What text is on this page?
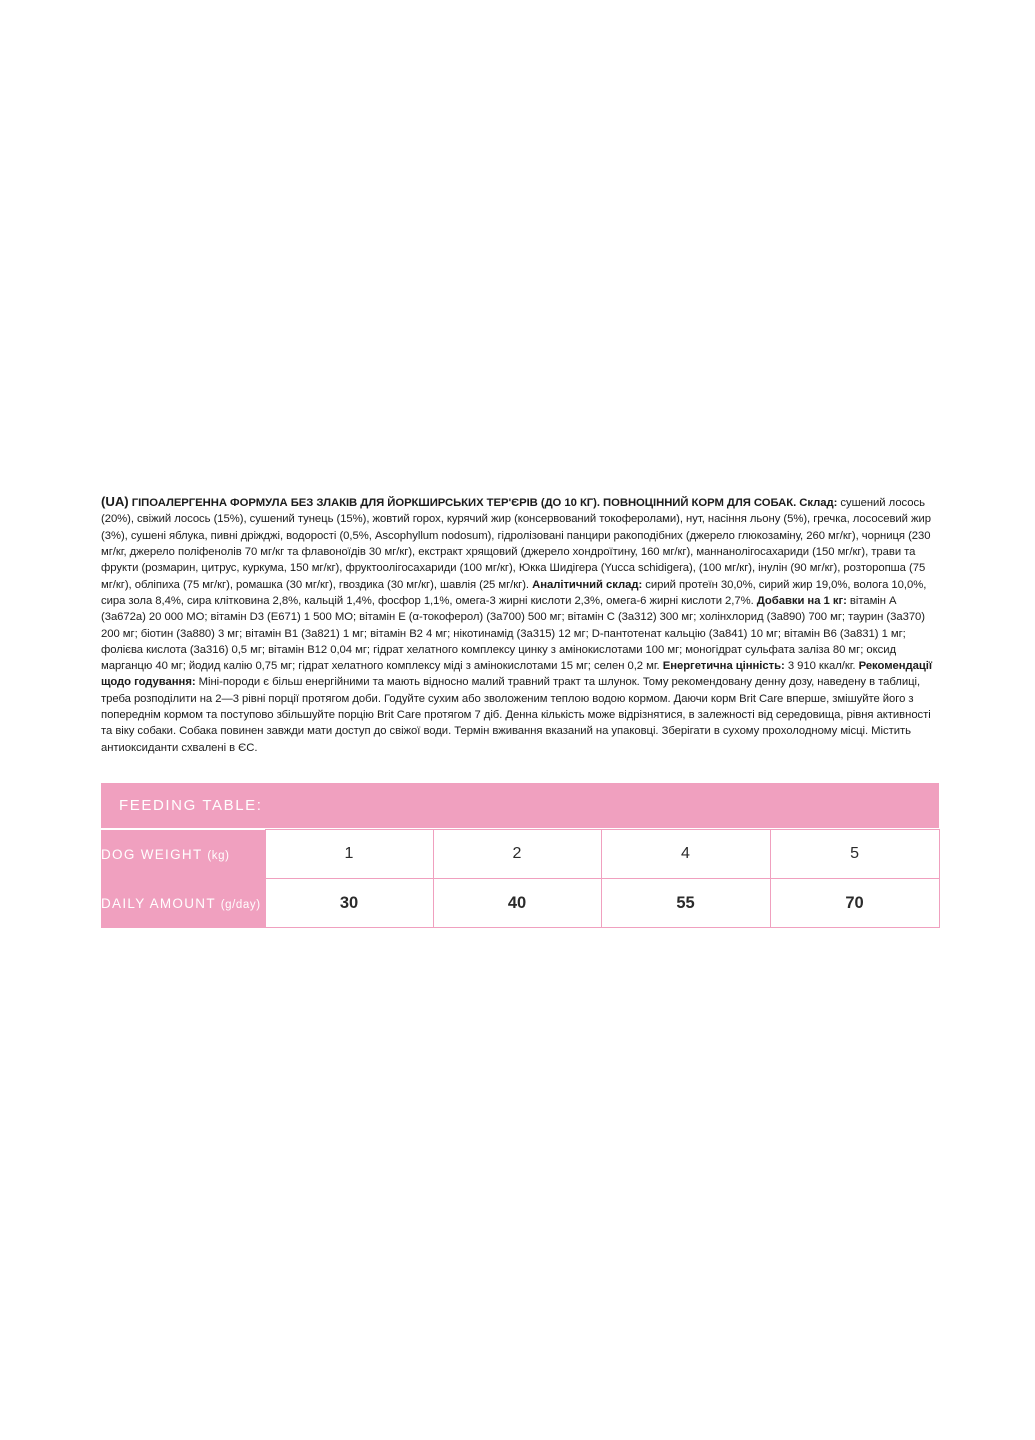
(UA) ГІПОАЛЕРГЕННА ФОРМУЛА БЕЗ ЗЛАКІВ ДЛЯ ЙОРКШИРСЬКИХ ТЕР'ЄРІВ (ДО 10 КГ). ПОВНОЦІННИЙ КОРМ ДЛЯ СОБАК. Склад: сушений лосось (20%), свіжий лосось (15%), сушений тунець (15%), жовтий горох, курячий жир (консервований токоферолами), нут, насіння льону (5%), гречка, лососевий жир (3%), сушені яблука, пивні дріжджі, водорості (0,5%, Ascophyllum nodosum), гідролізовані панцири ракоподібних (джерело глюкозаміну, 260 мг/кг), чорниця (230 мг/кг, джерело поліфенолів 70 мг/кг та флавоноїдів 30 мг/кг), екстракт хрящовий (джерело хондроїтину, 160 мг/кг), маннанолігосахариди (150 мг/кг), трави та фрукти (розмарин, цитрус, куркума, 150 мг/кг), фруктоолігосахариди (100 мг/кг), Юкка Шидігера (Yucca schidigera), (100 мг/кг), інулін (90 мг/кг), розторопша (75 мг/кг), обліпиха (75 мг/кг), ромашка (30 мг/кг), гвоздика (30 мг/кг), шавлія (25 мг/кг). Аналітичний склад: сирий протеїн 30,0%, сирий жир 19,0%, волога 10,0%, сира зола 8,4%, сира клітковина 2,8%, кальцій 1,4%, фосфор 1,1%, омега-3 жирні кислоти 2,3%, омега-6 жирні кислоти 2,7%. Добавки на 1 кг: вітамін A (3a672a) 20 000 МО; вітамін D3 (E671) 1 500 МО; вітамін E (α-токоферол) (3a700) 500 мг; вітамін C (3a312) 300 мг; холінхлорид (3a890) 700 мг; таурин (3a370) 200 мг; біотин (3a880) 3 мг; вітамін B1 (3a821) 1 мг; вітамін B2 4 мг; нікотинамід (3a315) 12 мг; D-пантотенат кальцію (3a841) 10 мг; вітамін B6 (3a831) 1 мг; фолієва кислота (3a316) 0,5 мг; вітамін B12 0,04 мг; гідрат хелатного комплексу цинку з амінокислотами 100 мг; моногідрат сульфата заліза 80 мг; оксид марганцю 40 мг; йодид калію 0,75 мг; гідрат хелатного комплексу міді з амінокислотами 15 мг; селен 0,2 мг. Енергетична цінність: 3 910 ккал/кг. Рекомендації щодо годування: Міні-породи є більш енергійними та мають відносно малий травний тракт та шлунок. Тому рекомендовану денну дозу, наведену в таблиці, треба розподілити на 2—3 рівні порції протягом доби. Годуйте сухим або зволоженим теплою водою кормом. Даючи корм Brit Care вперше, змішуйте його з попереднім кормом та поступово збільшуйте порцію Brit Care протягом 7 діб. Денна кількість може відрізнятися, в залежності від середовища, рівня активності та віку собаки. Собака повинен завжди мати доступ до свіжої води. Термін вживання вказаний на упаковці. Зберігати в сухому прохолодному місці. Містить антиоксиданти схвалені в ЄС.
FEEDING TABLE:				

DOG WEIGHT (kg)	1	2	4	5
DAILY AMOUNT (g/day)	30	40	55	70
